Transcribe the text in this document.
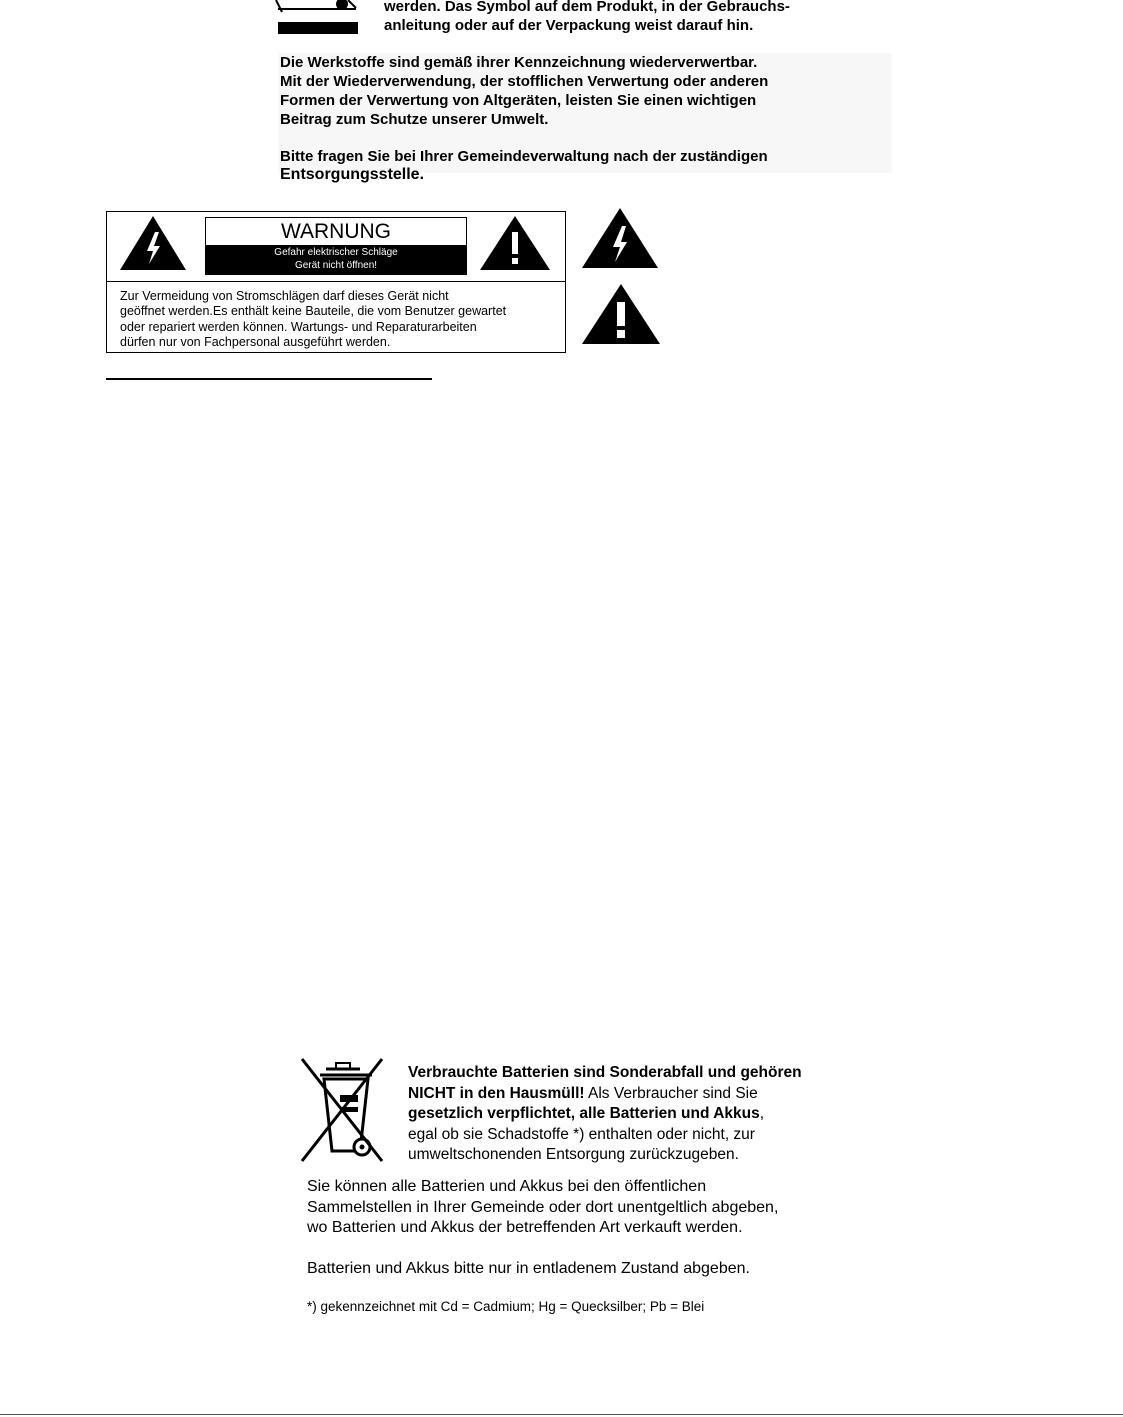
werden. Das Symbol auf dem Produkt, in der Gebrauchs-
anleitung oder auf der Verpackung weist darauf hin.
Die Werkstoffe sind gemäß ihrer Kennzeichnung wiederverwertbar.
Mit der Wiederverwendung, der stofflichen Verwertung oder anderen
Formen der Verwertung von Altgeräten, leisten Sie einen wichtigen
Beitrag zum Schutze unserer Umwelt.
Bitte fragen Sie bei Ihrer Gemeindeverwaltung nach der zuständigen
Entsorgungsstelle.
WARNUNG
Gefahr elektrischer Schläge
Gerät nicht öffnen!
Zur Vermeidung von Stromschlägen darf dieses Gerät nicht
geöffnet werden.Es enthält keine Bauteile, die vom Benutzer gewartet
oder repariert werden können. Wartungs- und Reparaturarbeiten
dürfen nur von Fachpersonal ausgeführt werden.
Verbrauchte Batterien sind Sonderabfall und gehören
NICHT in den Hausmüll! Als Verbraucher sind Sie
gesetzlich verpflichtet, alle Batterien und Akkus,
egal ob sie Schadstoffe *) enthalten oder nicht, zur
umweltschonenden Entsorgung zurückzugeben.
Sie können alle Batterien und Akkus bei den öffentlichen
Sammelstellen in Ihrer Gemeinde oder dort unentgeltlich abgeben,
wo Batterien und Akkus der betreffenden Art verkauft werden.
Batterien und Akkus bitte nur in entladenem Zustand abgeben.
*) gekennzeichnet mit Cd = Cadmium; Hg = Quecksilber; Pb = Blei
